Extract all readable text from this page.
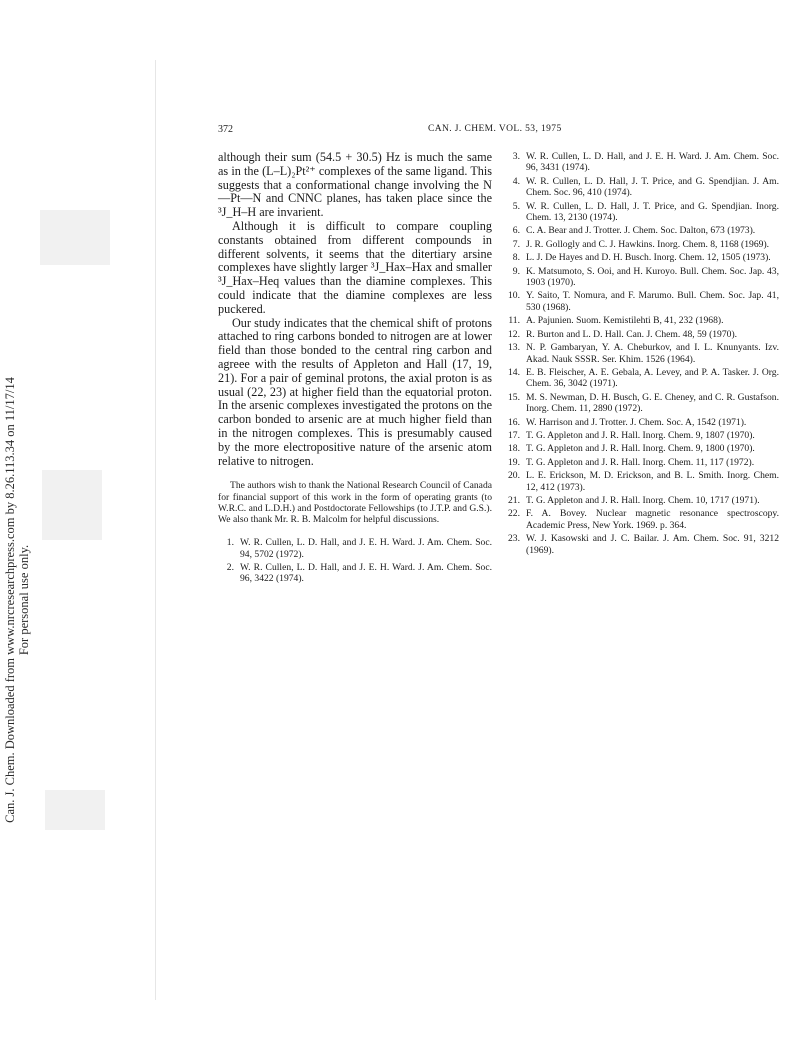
Can. J. Chem. Downloaded from www.nrcresearchpress.com by 8.26.113.34 on 11/17/14 For personal use only.
372	CAN. J. CHEM. VOL. 53, 1975

although their sum (54.5 + 30.5) Hz is much the same as in the (L–L)₂Pt²⁺ complexes of the same ligand. This suggests that a conformational change involving the N—Pt—N and CNNC planes, has taken place since the ³J_H–H are invarient.

Although it is difficult to compare coupling constants obtained from different compounds in different solvents, it seems that the ditertiary arsine complexes have slightly larger ³J_Hax–Hax and smaller ³J_Hax–Heq values than the diamine complexes. This could indicate that the diamine complexes are less puckered.

Our study indicates that the chemical shift of protons attached to ring carbons bonded to nitrogen are at lower field than those bonded to the central ring carbon and agreee with the results of Appleton and Hall (17, 19, 21). For a pair of geminal protons, the axial proton is as usual (22, 23) at higher field than the equatorial proton. In the arsenic complexes investigated the protons on the carbon bonded to arsenic are at much higher field than in the nitrogen complexes. This is presumably caused by the more electropositive nature of the arsenic atom relative to nitrogen.

The authors wish to thank the National Research Council of Canada for financial support of this work in the form of operating grants (to W.R.C. and L.D.H.) and Postdoctorate Fellowships (to J.T.P. and G.S.). We also thank Mr. R. B. Malcolm for helpful discussions.

1. W. R. Cullen, L. D. Hall, and J. E. H. Ward. J. Am. Chem. Soc. 94, 5702 (1972).
2. W. R. Cullen, L. D. Hall, and J. E. H. Ward. J. Am. Chem. Soc. 96, 3422 (1974).
3. W. R. Cullen, L. D. Hall, and J. E. H. Ward. J. Am. Chem. Soc. 96, 3431 (1974).
4. W. R. Cullen, L. D. Hall, J. T. Price, and G. Spendjian. J. Am. Chem. Soc. 96, 410 (1974).
5. W. R. Cullen, L. D. Hall, J. T. Price, and G. Spendjian. Inorg. Chem. 13, 2130 (1974).
6. C. A. Bear and J. Trotter. J. Chem. Soc. Dalton, 673 (1973).
7. J. R. Gollogly and C. J. Hawkins. Inorg. Chem. 8, 1168 (1969).
8. L. J. De Hayes and D. H. Busch. Inorg. Chem. 12, 1505 (1973).
9. K. Matsumoto, S. Ooi, and H. Kuroyo. Bull. Chem. Soc. Jap. 43, 1903 (1970).
10. Y. Saito, T. Nomura, and F. Marumo. Bull. Chem. Soc. Jap. 41, 530 (1968).
11. A. Pajunien. Suom. Kemistilehti B, 41, 232 (1968).
12. R. Burton and L. D. Hall. Can. J. Chem. 48, 59 (1970).
13. N. P. Gambaryan, Y. A. Cheburkov, and I. L. Knunyants. Izv. Akad. Nauk SSSR. Ser. Khim. 1526 (1964).
14. E. B. Fleischer, A. E. Gebala, A. Levey, and P. A. Tasker. J. Org. Chem. 36, 3042 (1971).
15. M. S. Newman, D. H. Busch, G. E. Cheney, and C. R. Gustafson. Inorg. Chem. 11, 2890 (1972).
16. W. Harrison and J. Trotter. J. Chem. Soc. A, 1542 (1971).
17. T. G. Appleton and J. R. Hall. Inorg. Chem. 9, 1807 (1970).
18. T. G. Appleton and J. R. Hall. Inorg. Chem. 9, 1800 (1970).
19. T. G. Appleton and J. R. Hall. Inorg. Chem. 11, 117 (1972).
20. L. E. Erickson, M. D. Erickson, and B. L. Smith. Inorg. Chem. 12, 412 (1973).
21. T. G. Appleton and J. R. Hall. Inorg. Chem. 10, 1717 (1971).
22. F. A. Bovey. Nuclear magnetic resonance spectroscopy. Academic Press, New York. 1969. p. 364.
23. W. J. Kasowski and J. C. Bailar. J. Am. Chem. Soc. 91, 3212 (1969).
